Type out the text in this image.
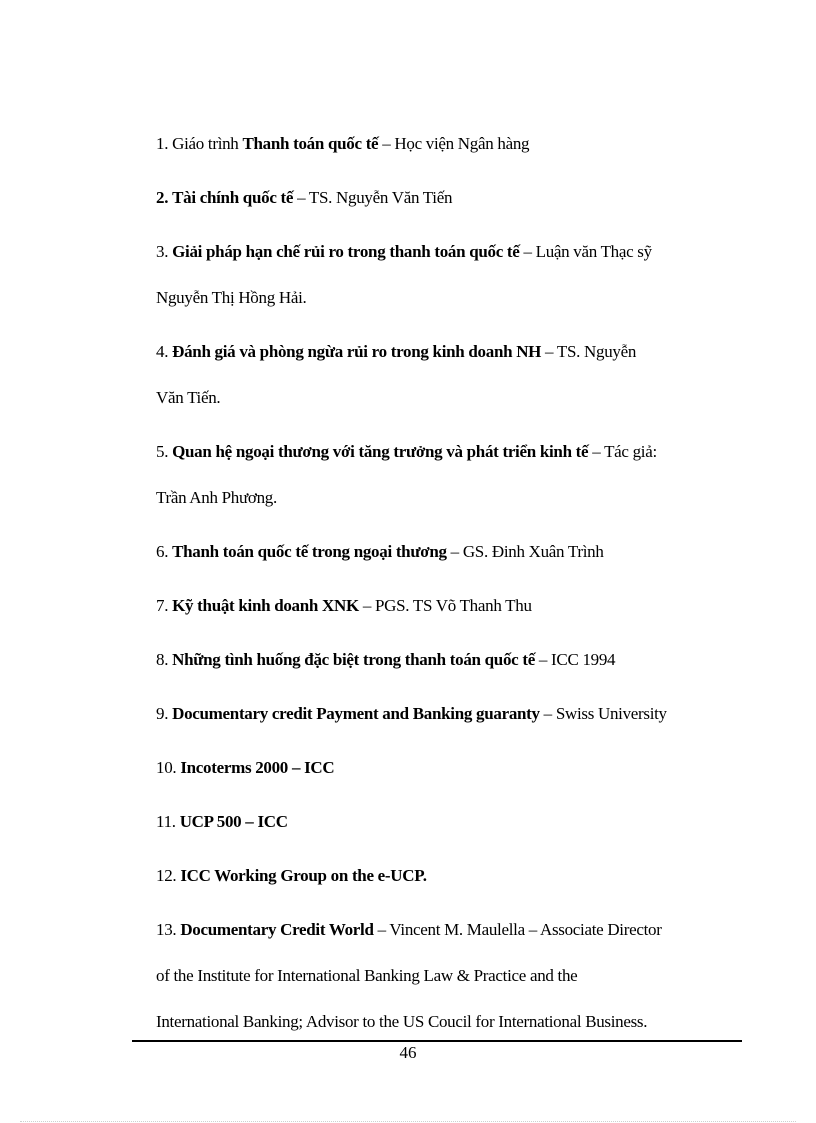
1. Giáo trình Thanh toán quốc tế – Học viện Ngân hàng
2. Tài chính quốc tế – TS. Nguyễn Văn Tiến
3. Giải pháp hạn chế rủi ro trong thanh toán quốc tế – Luận văn Thạc sỹ
Nguyễn Thị Hồng Hải.
4. Đánh giá và phòng ngừa rủi ro trong kinh doanh NH – TS. Nguyễn
Văn Tiến.
5. Quan hệ ngoại thương với tăng trưởng và phát triển kinh tế – Tác giả:
Trần Anh Phương.
6. Thanh toán quốc tế trong ngoại thương – GS. Đinh Xuân Trình
7. Kỹ thuật kinh doanh XNK – PGS. TS Võ Thanh Thu
8. Những tình huống đặc biệt trong thanh toán quốc tế – ICC 1994
9. Documentary credit Payment and Banking guaranty – Swiss University
10. Incoterms 2000 – ICC
11. UCP 500 – ICC
12. ICC Working Group on the e-UCP.
13. Documentary Credit World – Vincent M. Maulella – Associate Director
of the Institute for International Banking Law & Practice and the
International Banking; Advisor to the US Coucil for International Business.
46
